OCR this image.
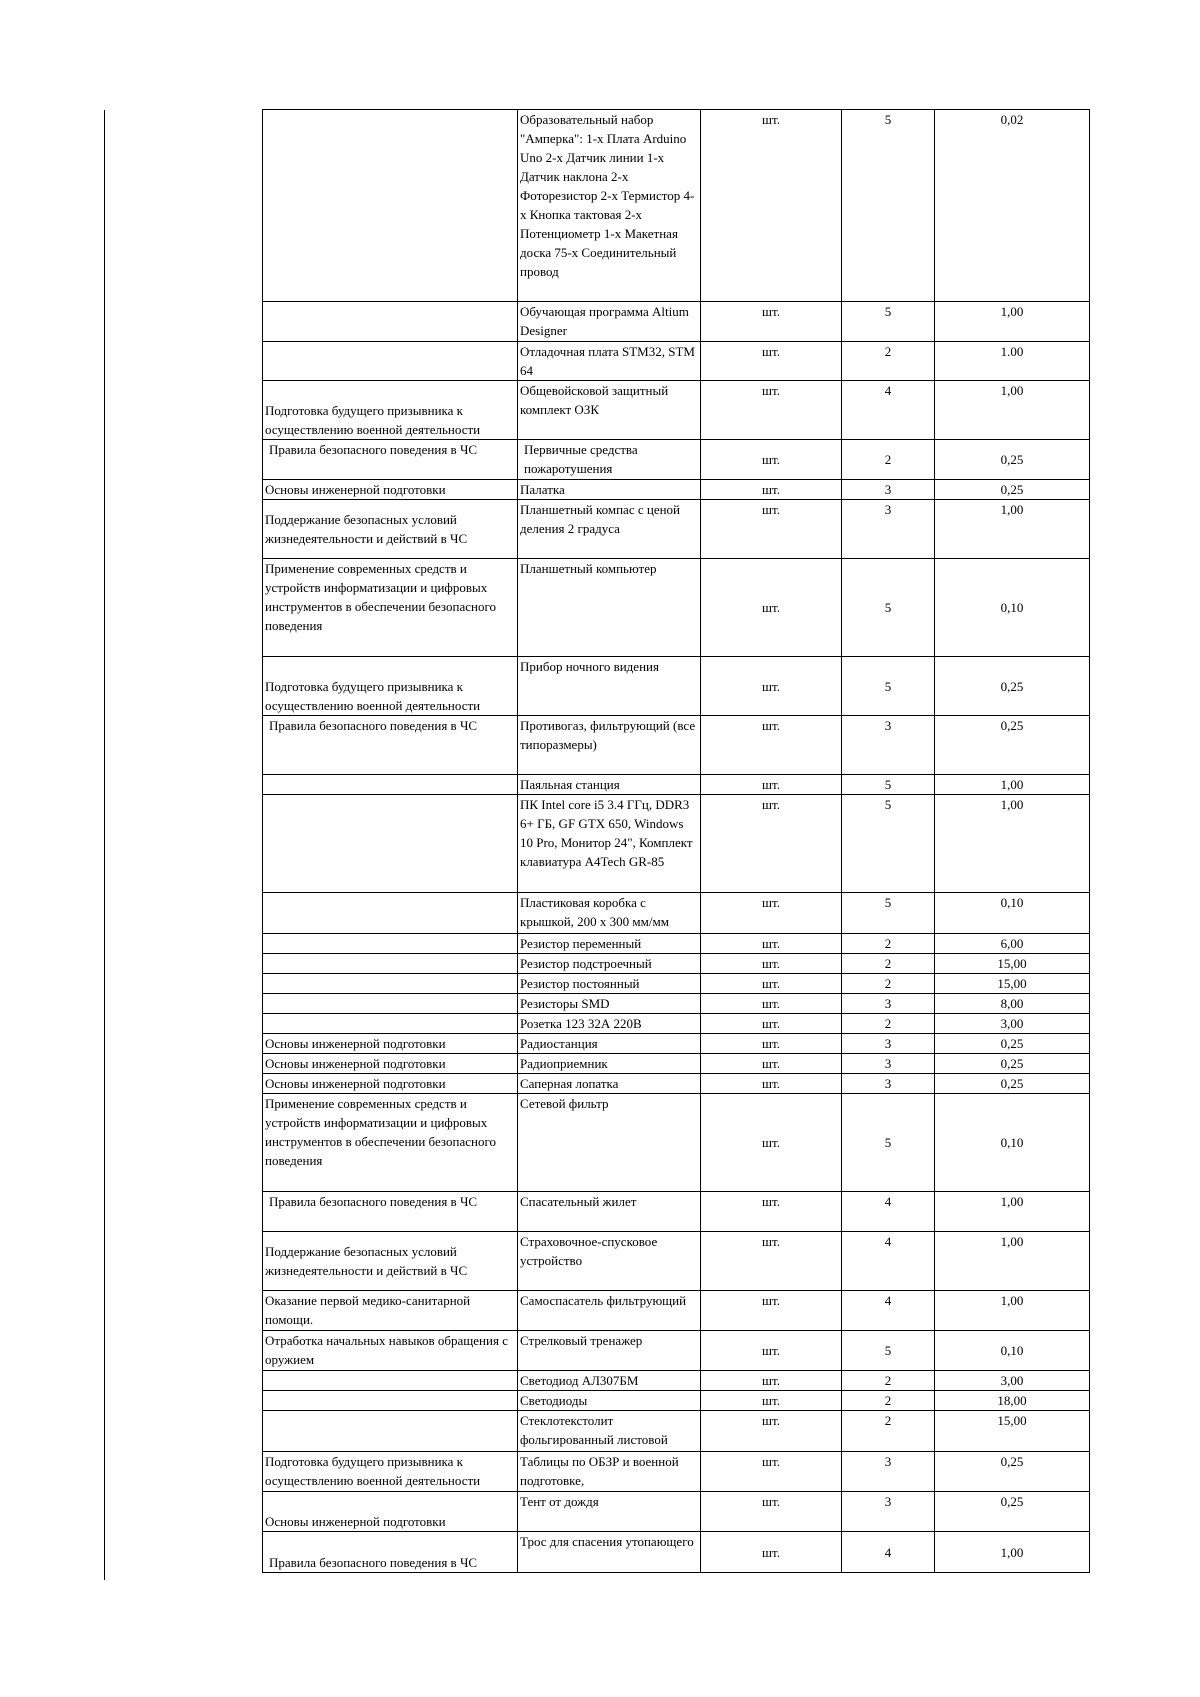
	Образовательный набор "Амперка": 1-х Плата Arduino Uno 2-х Датчик линии 1-х Датчик наклона 2-х Фоторезистор 2-х Термистор 4-х Кнопка тактовая 2-х Потенциометр 1-х Макетная доска 75-х Соединительный провод	шт.	5	0,02
	Обучающая программа Altium Designer	шт.	5	1,00
	Отладочная плата STM32, STM 64	шт.	2	1.00
Подготовка будущего призывника к осуществлению военной деятельности	Общевойсковой защитный комплект ОЗК	шт.	4	1,00
Правила безопасного поведения в ЧС	Первичные средства пожаротушения	шт.	2	0,25
Основы инженерной подготовки	Палатка	шт.	3	0,25
Поддержание безопасных условий жизнедеятельности и действий в ЧС	Планшетный компас с ценой деления 2 градуса	шт.	3	1,00
Применение современных средств и устройств информатизации и цифровых инструментов в обеспечении безопасного поведения	Планшетный компьютер	шт.	5	0,10
Подготовка будущего призывника к осуществлению военной деятельности	Прибор ночного видения	шт.	5	0,25
Правила безопасного поведения в ЧС	Противогаз, фильтрующий (все типоразмеры)	шт.	3	0,25
	Паяльная станция	шт.	5	1,00
	ПК Intel core i5 3.4 ГГц, DDR3 6+ ГБ, GF GTX 650, Windows 10 Pro, Монитор 24", Комплект клавиатура A4Tech GR-85	шт.	5	1,00
	Пластиковая коробка с крышкой, 200 х 300 мм/мм	шт.	5	0,10
	Резистор переменный	шт.	2	6,00
	Резистор подстроечный	шт.	2	15,00
	Резистор постоянный	шт.	2	15,00
	Резисторы SMD	шт.	3	8,00
	Розетка 123 32А 220В	шт.	2	3,00
Основы инженерной подготовки	Радиостанция	шт.	3	0,25
Основы инженерной подготовки	Радиоприемник	шт.	3	0,25
Основы инженерной подготовки	Саперная лопатка	шт.	3	0,25
Применение современных средств и устройств информатизации и цифровых инструментов в обеспечении безопасного поведения	Сетевой фильтр	шт.	5	0,10
Правила безопасного поведения в ЧС	Спасательный жилет	шт.	4	1,00
Поддержание безопасных условий жизнедеятельности и действий в ЧС	Страховочное-спусковое устройство	шт.	4	1,00
Оказание первой медико-санитарной помощи.	Самоспасатель фильтрующий	шт.	4	1,00
Отработка начальных навыков обращения с оружием	Стрелковый тренажер	шт.	5	0,10
	Светодиод АЛ307БМ	шт.	2	3,00
	Светодиоды	шт.	2	18,00
	Стеклотекстолит фольгированный листовой	шт.	2	15,00
Подготовка будущего призывника к осуществлению военной деятельности	Таблицы по ОБЗР и военной подготовке,	шт.	3	0,25
Основы инженерной подготовки	Тент от дождя	шт.	3	0,25
Правила безопасного поведения в ЧС	Трос для спасения утопающего	шт.	4	1,00
